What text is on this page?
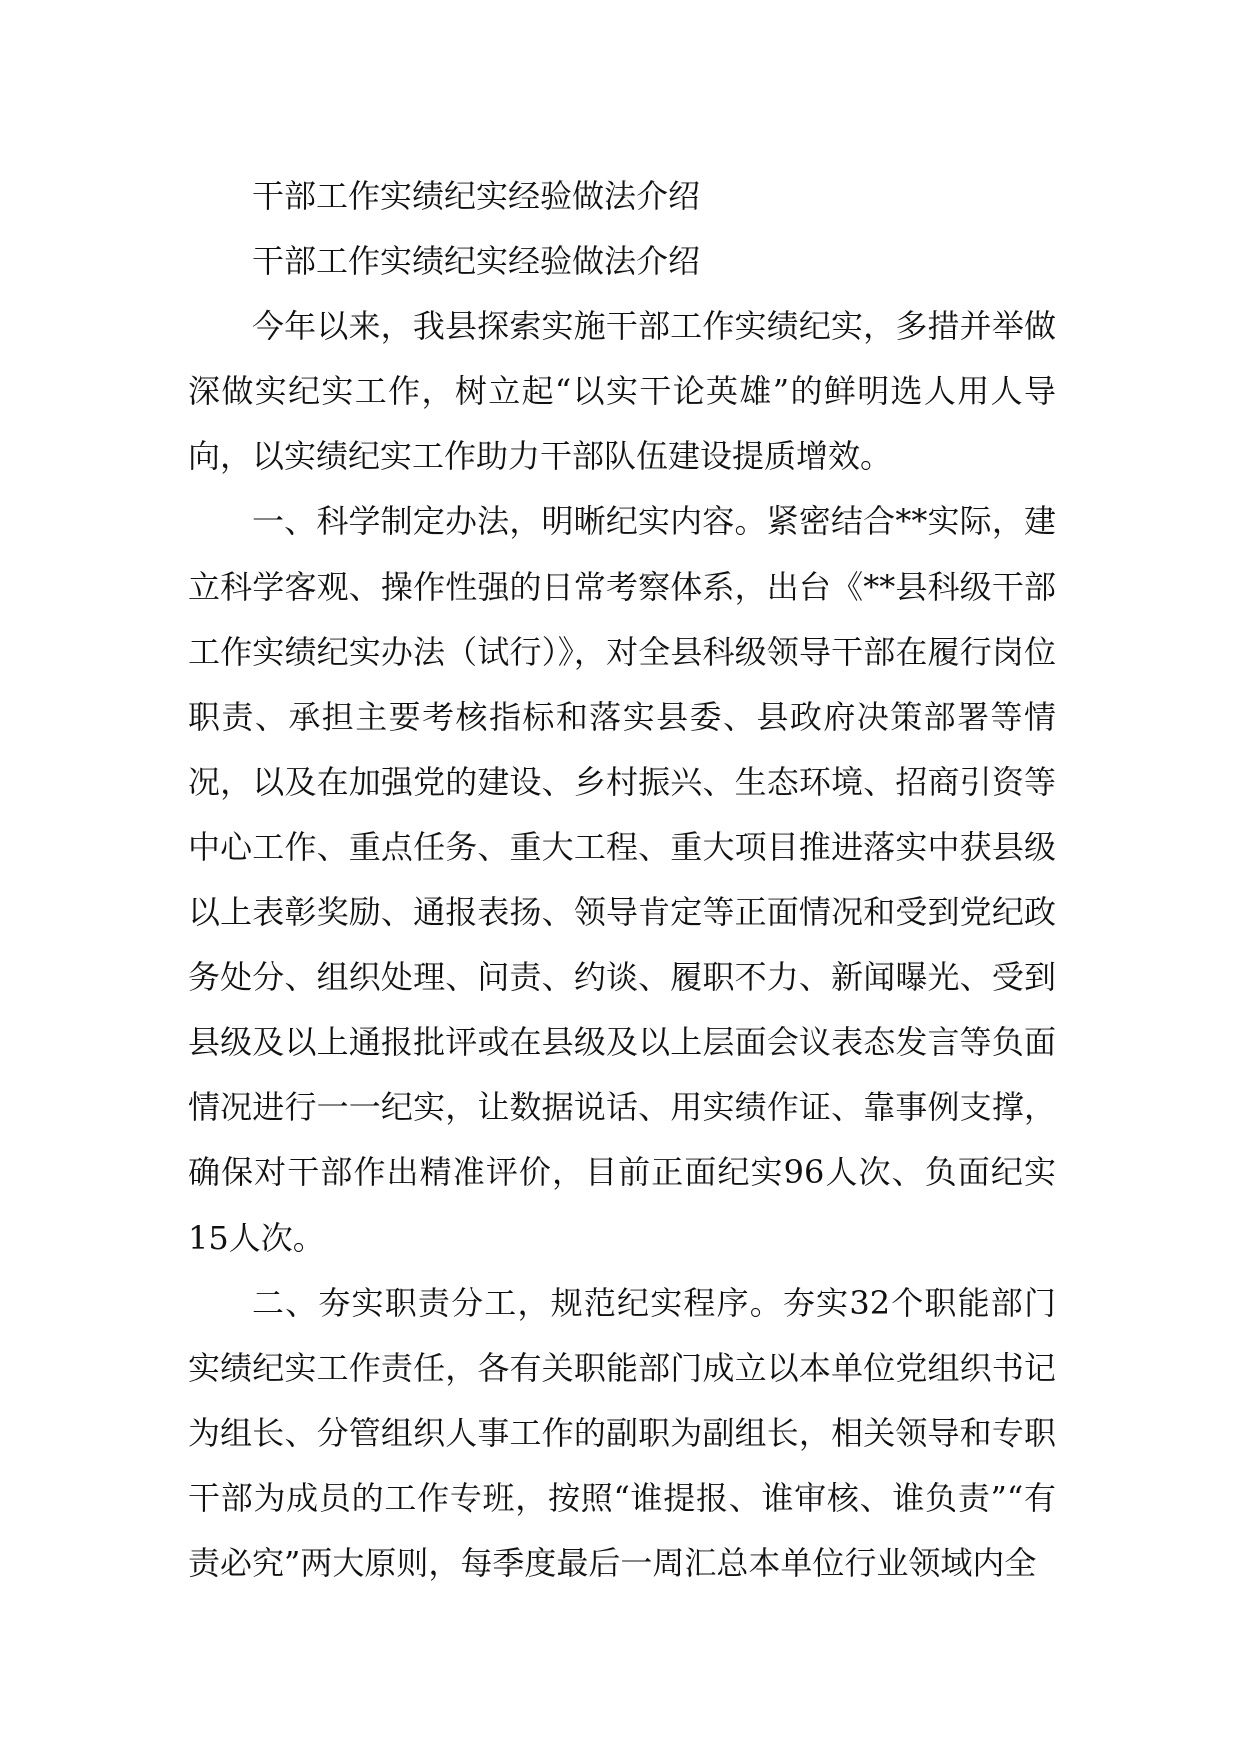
干部工作实绩纪实经验做法介绍

干部工作实绩纪实经验做法介绍

今年以来，我县探索实施干部工作实绩纪实，多措并举做深做实纪实工作，树立起“以实干论英雄”的鲜明选人用人导向，以实绩纪实工作助力干部队伍建设提质增效。

一、科学制定办法，明晰纪实内容。紧密结合**实际，建立科学客观、操作性强的日常考察体系，出台《**县科级干部工作实绩纪实办法（试行）》，对全县科级领导干部在履行岗位职责、承担主要考核指标和落实县委、县政府决策部署等情况，以及在加强党的建设、乡村振兴、生态环境、招商引资等中心工作、重点任务、重大工程、重大项目推进落实中获县级以上表彰奖励、通报表扬、领导肯定等正面情况和受到党纪政务处分、组织处理、问责、约谈、履职不力、新闻曝光、受到县级及以上通报批评或在县级及以上层面会议表态发言等负面情况进行一一纪实，让数据说话、用实绩作证、靠事例支撑，确保对干部作出精准评价，目前正面纪实96人次、负面纪实15人次。

二、夯实职责分工，规范纪实程序。夯实32个职能部门实绩纪实工作责任，各有关职能部门成立以本单位党组织书记为组长、分管组织人事工作的副职为副组长，相关领导和专职干部为成员的工作专班，按照“谁提报、谁审核、谁负责”“有责必究”两大原则，每季度最后一周汇总本单位行业领域内全
